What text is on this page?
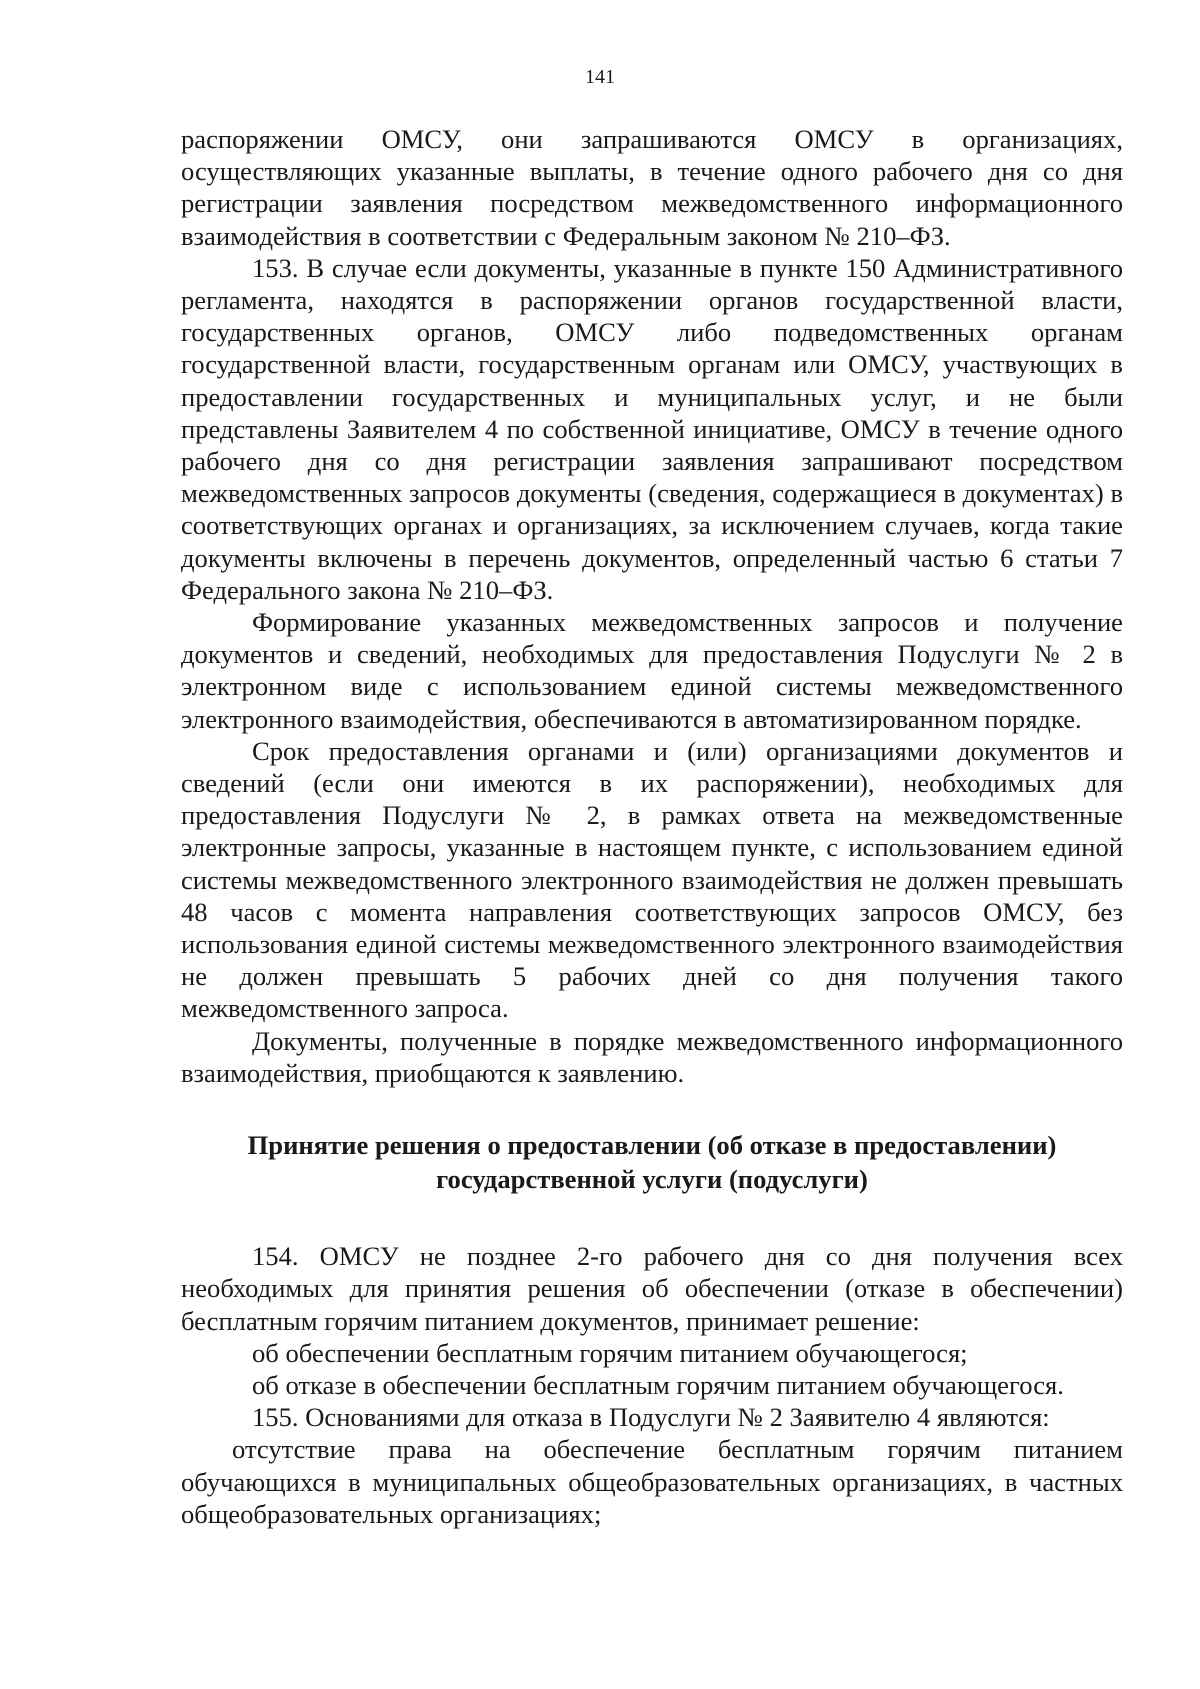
141

распоряжении ОМСУ, они запрашиваются ОМСУ в организациях, осуществляющих указанные выплаты, в течение одного рабочего дня со дня регистрации заявления посредством межведомственного информационного взаимодействия в соответствии с Федеральным законом № 210–ФЗ.

153. В случае если документы, указанные в пункте 150 Административного регламента, находятся в распоряжении органов государственной власти, государственных органов, ОМСУ либо подведомственных органам государственной власти, государственным органам или ОМСУ, участвующих в предоставлении государственных и муниципальных услуг, и не были представлены Заявителем 4 по собственной инициативе, ОМСУ в течение одного рабочего дня со дня регистрации заявления запрашивают посредством межведомственных запросов документы (сведения, содержащиеся в документах) в соответствующих органах и организациях, за исключением случаев, когда такие документы включены в перечень документов, определенный частью 6 статьи 7 Федерального закона № 210–ФЗ.

Формирование указанных межведомственных запросов и получение документов и сведений, необходимых для предоставления Подуслуги № 2 в электронном виде с использованием единой системы межведомственного электронного взаимодействия, обеспечиваются в автоматизированном порядке.

Срок предоставления органами и (или) организациями документов и сведений (если они имеются в их распоряжении), необходимых для предоставления Подуслуги № 2, в рамках ответа на межведомственные электронные запросы, указанные в настоящем пункте, с использованием единой системы межведомственного электронного взаимодействия не должен превышать 48 часов с момента направления соответствующих запросов ОМСУ, без использования единой системы межведомственного электронного взаимодействия не должен превышать 5 рабочих дней со дня получения такого межведомственного запроса.

Документы, полученные в порядке межведомственного информационного взаимодействия, приобщаются к заявлению.

Принятие решения о предоставлении (об отказе в предоставлении)
государственной услуги (подуслуги)

154. ОМСУ не позднее 2-го рабочего дня со дня получения всех необходимых для принятия решения об обеспечении (отказе в обеспечении) бесплатным горячим питанием документов, принимает решение:

об обеспечении бесплатным горячим питанием обучающегося;

об отказе в обеспечении бесплатным горячим питанием обучающегося.

155. Основаниями для отказа в Подуслуги № 2 Заявителю 4 являются:

отсутствие права на обеспечение бесплатным горячим питанием обучающихся в муниципальных общеобразовательных организациях, в частных общеобразовательных организациях;
